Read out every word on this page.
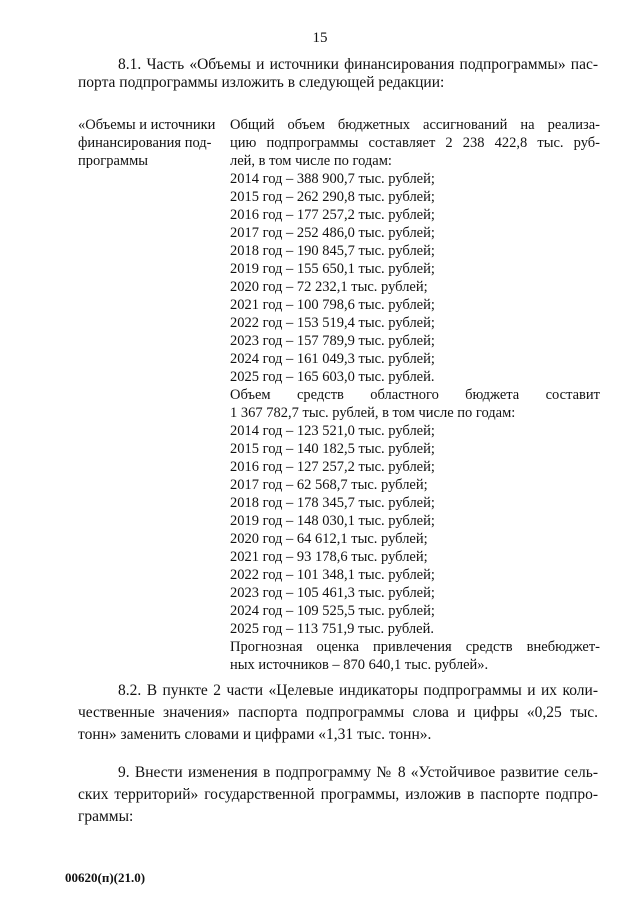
15
8.1. Часть «Объемы и источники финансирования подпрограммы» пас-
порта подпрограммы изложить в следующей редакции:
«Объемы и источники
финансирования под-
программы
Общий объем бюджетных ассигнований на реализа-
цию подпрограммы составляет 2 238 422,8 тыс. руб-
лей, в том числе по годам:
2014 год – 388 900,7 тыс. рублей;
2015 год – 262 290,8 тыс. рублей;
2016 год – 177 257,2 тыс. рублей;
2017 год – 252 486,0 тыс. рублей;
2018 год – 190 845,7 тыс. рублей;
2019 год – 155 650,1 тыс. рублей;
2020 год – 72 232,1 тыс. рублей;
2021 год – 100 798,6 тыс. рублей;
2022 год – 153 519,4 тыс. рублей;
2023 год – 157 789,9 тыс. рублей;
2024 год – 161 049,3 тыс. рублей;
2025 год – 165 603,0 тыс. рублей.
Объем средств областного бюджета составит
1 367 782,7 тыс. рублей, в том числе по годам:
2014 год – 123 521,0 тыс. рублей;
2015 год – 140 182,5 тыс. рублей;
2016 год – 127 257,2 тыс. рублей;
2017 год – 62 568,7 тыс. рублей;
2018 год – 178 345,7 тыс. рублей;
2019 год – 148 030,1 тыс. рублей;
2020 год – 64 612,1 тыс. рублей;
2021 год – 93 178,6 тыс. рублей;
2022 год – 101 348,1 тыс. рублей;
2023 год – 105 461,3 тыс. рублей;
2024 год – 109 525,5 тыс. рублей;
2025 год – 113 751,9 тыс. рублей.
Прогнозная оценка привлечения средств внебюджет-
ных источников – 870 640,1 тыс. рублей».
8.2. В пункте 2 части «Целевые индикаторы подпрограммы и их коли-
чественные значения» паспорта подпрограммы слова и цифры «0,25 тыс.
тонн» заменить словами и цифрами «1,31 тыс. тонн».
9. Внести изменения в подпрограмму № 8 «Устойчивое развитие сель-
ских территорий» государственной программы, изложив в паспорте подпро-
граммы:
00620(п)(21.0)
